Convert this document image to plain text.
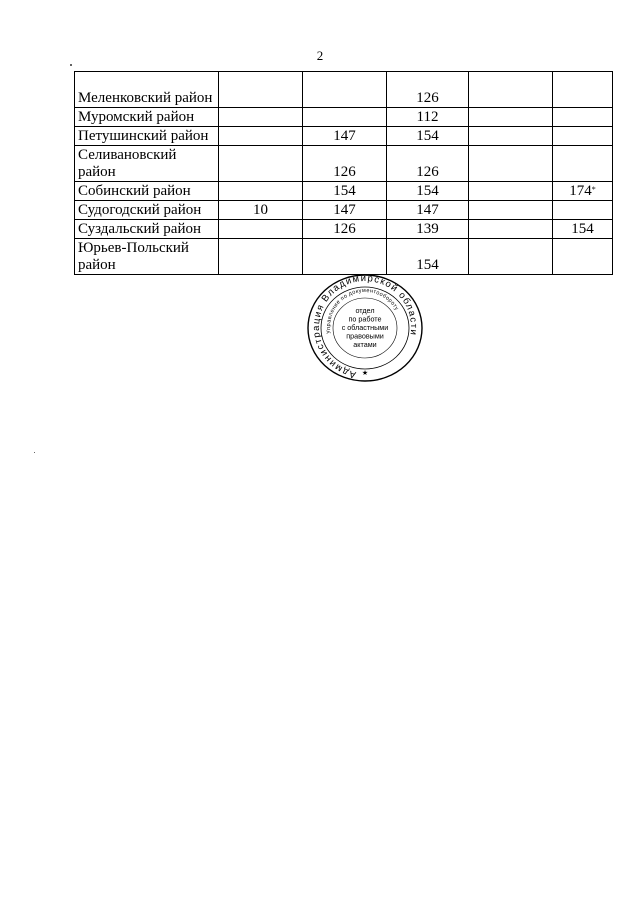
2
Меленковский район			126		
Муромский район			112		
Петушинский район		147	154		
Селивановский район		126	126		
Собинский район		154	154		174*
Судогодский район	10	147	147		
Суздальский район		126	139		154
Юрьев-Польский район			154		
Администрация Владимирской области
Управление по документообороту
отдел
по работе
с областными
правовыми
актами
★
